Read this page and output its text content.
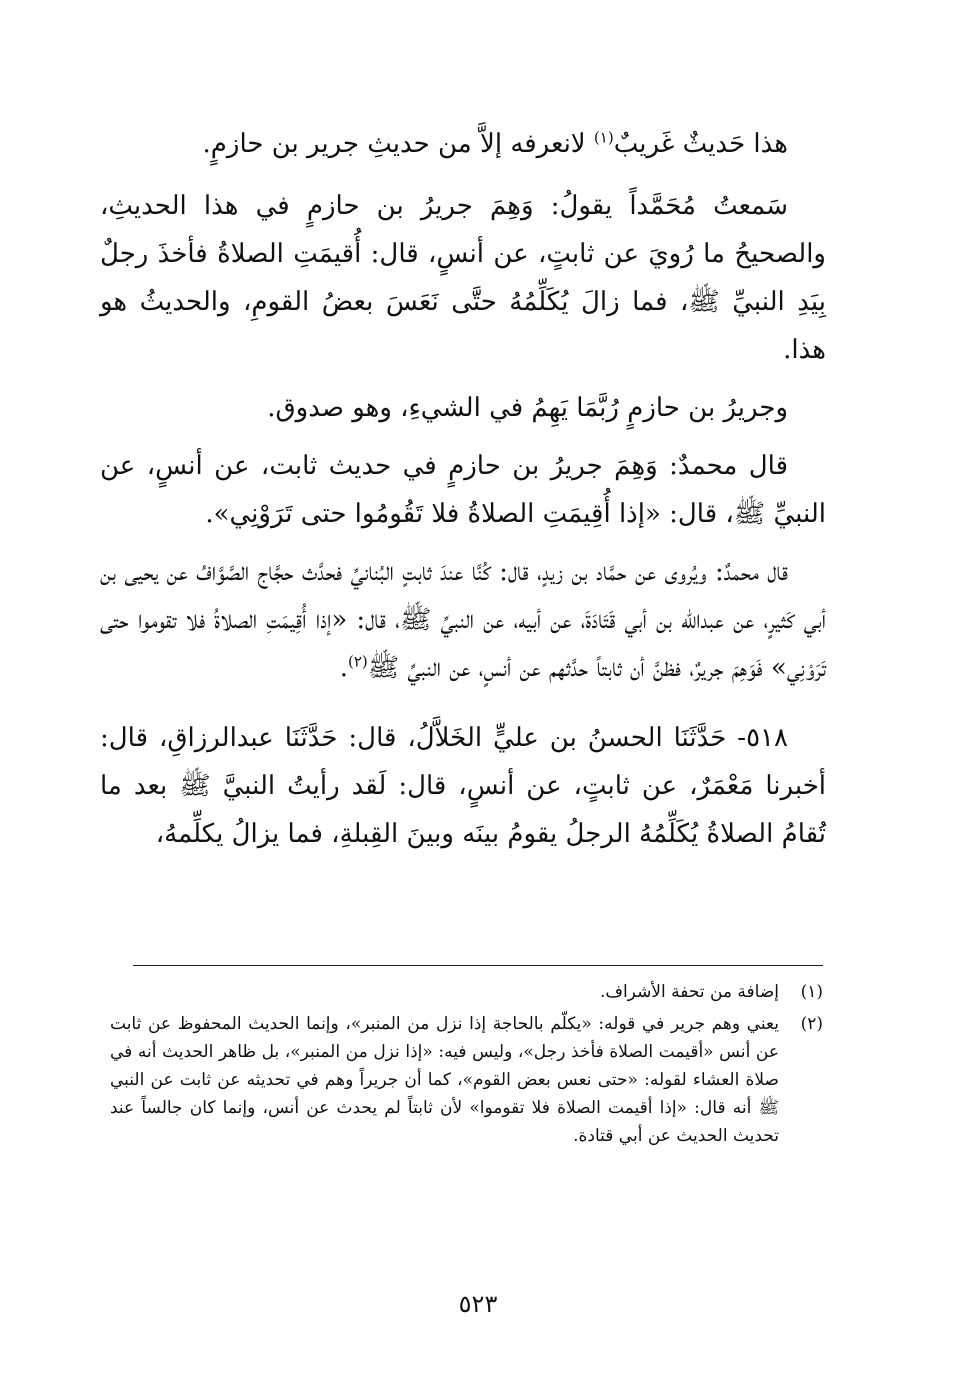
هذا حَديثٌ غَريبٌ$^{(١)}$ لانعرفه إلاَّ من حديثِ جرير بن حازمٍ.

سَمعتُ مُحَمَّداً يقولُ: وَهِمَ جريرُ بن حازمٍ في هذا الحديثِ، والصحيحُ ما رُويَ عن ثابتٍ، عن أنسٍ، قال: أُقيمَتِ الصلاةُ فأخذَ رجلٌ بِيَدِ النبيِّ ﷺ، فما زالَ يُكَلِّمُهُ حتَّى نَعَسَ بعضُ القومِ، والحديثُ هو هذا.

وجريرُ بن حازمٍ رُبَّمَا يَهِمُ في الشيءِ، وهو صدوق.

قال محمدٌ: وَهِمَ جريرُ بن حازمٍ في حديث ثابت، عن أنسٍ، عن النبيِّ ﷺ، قال: «إذا أُقِيمَتِ الصلاةُ فلا تَقُومُوا حتى تَرَوْنِي».

قال محمدٌ: ويُروى عن حمَّاد بن زيدٍ، قال: كُنَّا عندَ ثابتٍ البُنانيِّ فحدَّث حجَّاج الصَّوَّافُ عن يحيى بن أبي كَثيرٍ، عن عبدالله بن أبي قَتَادَةَ، عن أبيه، عن النبيِّ ﷺ، قال: «إذا أُقِيمَتِ الصلاةُ فلا تقوموا حتى تَرَوْنِي» فَوَهِمَ جريرٌ، فظنَّ أن ثابتاً حدَّثهم عن أنسٍ، عن النبيِّ ﷺ$^{(٢)}$.

٥١٨- حَدَّثَنَا الحسنُ بن عليٍّ الخَلاَّلُ، قال: حَدَّثَنَا عبدالرزاقِ، قال: أخبرنا مَعْمَرٌ، عن ثابتٍ، عن أنسٍ، قال: لَقد رأيتُ النبيَّ ﷺ بعد ما تُقامُ الصلاةُ يُكَلِّمُهُ الرجلُ يقومُ بينَه وبينَ القِبلةِ، فما يزالُ يكلِّمهُ،

(١)
إضافة من تحفة الأشراف.
(٢)
يعني وهم جرير في قوله: «يكلّم بالحاجة إذا نزل من المنبر»، وإنما الحديث المحفوظ عن ثابت عن أنس «أقيمت الصلاة فأخذ رجل»، وليس فيه: «إذا نزل من المنبر»، بل ظاهر الحديث أنه في صلاة العشاء لقوله: «حتى نعس بعض القوم»، كما أن جريراً وهم في تحديثه عن ثابت عن النبي ﷺ أنه قال: «إذا أقيمت الصلاة فلا تقوموا» لأن ثابتاً لم يحدث عن أنس، وإنما كان جالساً عند تحديث الحديث عن أبي قتادة.
٥٢٣
